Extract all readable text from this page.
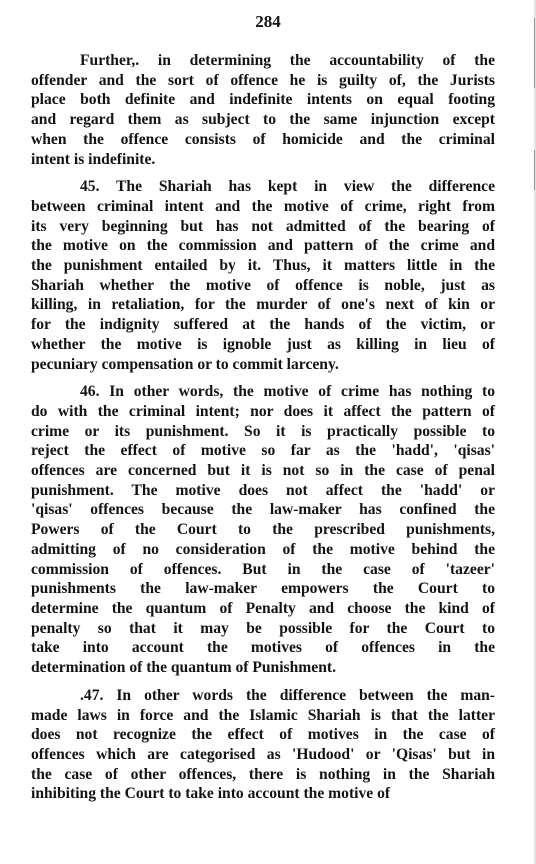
284
Further,. in determining the accountability of the
offender and the sort of offence he is guilty of, the Jurists
place both definite and indefinite intents on equal footing
and regard them as subject to the same injunction except
when the offence consists of homicide and the criminal
intent is indefinite.
45. The Shariah has kept in view the difference
between criminal intent and the motive of crime, right from
its very beginning but has not admitted of the bearing of
the motive on the commission and pattern of the crime and
the punishment entailed by it. Thus, it matters little in the
Shariah whether the motive of offence is noble, just as
killing, in retaliation, for the murder of one's next of kin or
for the indignity suffered at the hands of the victim, or
whether the motive is ignoble just as killing in lieu of
pecuniary compensation or to commit larceny.
46. In other words, the motive of crime has nothing to
do with the criminal intent; nor does it affect the pattern of
crime or its punishment. So it is practically possible to
reject the effect of motive so far as the 'hadd', 'qisas'
offences are concerned but it is not so in the case of penal
punishment. The motive does not affect the 'hadd' or
'qisas' offences because the law-maker has confined the
Powers of the Court to the prescribed punishments,
admitting of no consideration of the motive behind the
commission of offences. But in the case of 'tazeer'
punishments the law-maker empowers the Court to
determine the quantum of Penalty and choose the kind of
penalty so that it may be possible for the Court to
take into account the motives of offences in the
determination of the quantum of Punishment.
.47. In other words the difference between the man-
made laws in force and the Islamic Shariah is that the latter
does not recognize the effect of motives in the case of
offences which are categorised as 'Hudood' or 'Qisas' but in
the case of other offences, there is nothing in the Shariah
inhibiting the Court to take into account the motive of
